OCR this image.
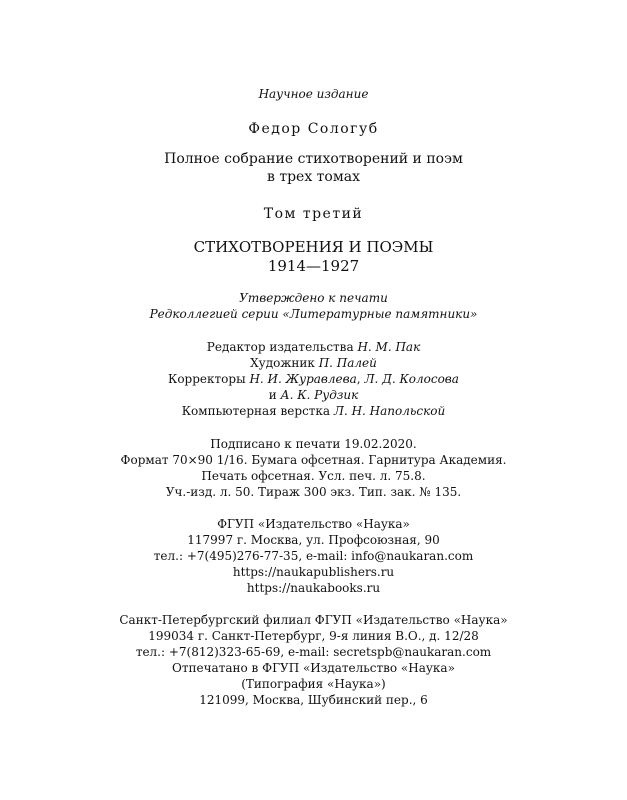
Научное издание
Федор Сологуб
Полное собрание стихотворений и поэм
в трех томах
Том третий
СТИХОТВОРЕНИЯ И ПОЭМЫ
1914—1927
Утверждено к печати
Редколлегией серии «Литературные памятники»
Редактор издательства Н. М. Пак
Художник П. Палей
Корректоры Н. И. Журавлева, Л. Д. Колосова
и А. К. Рудзик
Компьютерная верстка Л. Н. Напольской
Подписано к печати 19.02.2020.
Формат 70×90 1/16. Бумага офсетная. Гарнитура Академия.
Печать офсетная. Усл. печ. л. 75.8.
Уч.-изд. л. 50. Тираж 300 экз. Тип. зак. № 135.
ФГУП «Издательство «Наука»
117997 г. Москва, ул. Профсоюзная, 90
тел.: +7(495)276-77-35, e-mail: info@naukaran.com
https://naukapublishers.ru
https://naukabooks.ru
Санкт-Петербургский филиал ФГУП «Издательство «Наука»
199034 г. Санкт-Петербург, 9-я линия В.О., д. 12/28
тел.: +7(812)323-65-69, e-mail: secretspb@naukaran.com
Отпечатано в ФГУП «Издательство «Наука»
(Типография «Наука»)
121099, Москва, Шубинский пер., 6
